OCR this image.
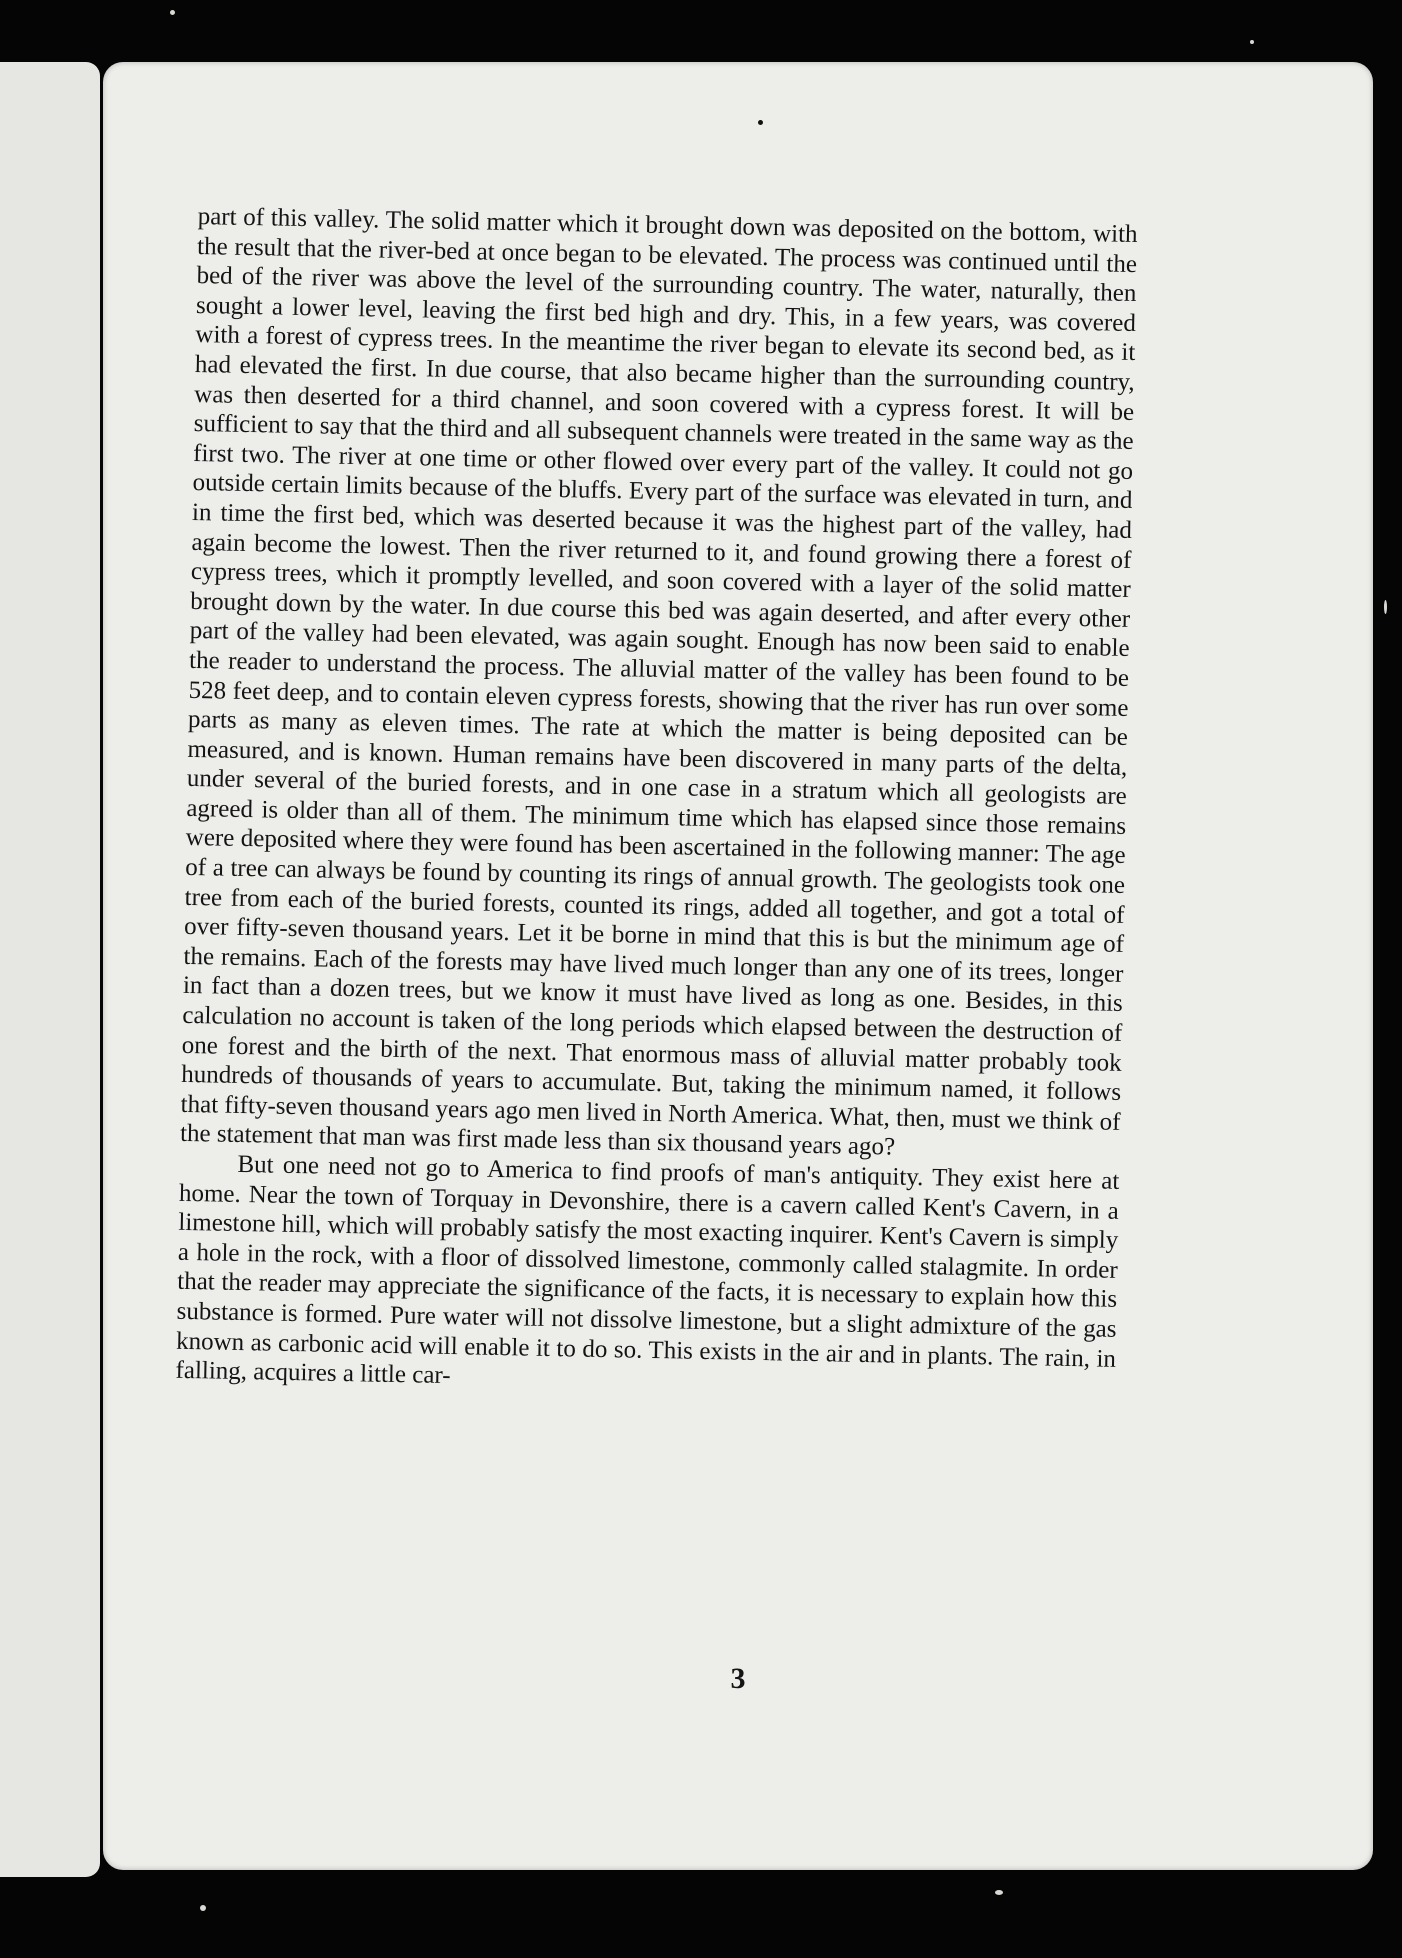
part of this valley. The solid matter which it brought down was deposited on the bottom, with the result that the river-bed at once began to be elevated. The process was continued until the bed of the river was above the level of the surrounding country. The water, naturally, then sought a lower level, leaving the first bed high and dry. This, in a few years, was covered with a forest of cypress trees. In the meantime the river began to elevate its second bed, as it had elevated the first. In due course, that also became higher than the surrounding country, was then deserted for a third channel, and soon covered with a cypress forest. It will be sufficient to say that the third and all subsequent channels were treated in the same way as the first two. The river at one time or other flowed over every part of the valley. It could not go outside certain limits because of the bluffs. Every part of the surface was elevated in turn, and in time the first bed, which was deserted because it was the highest part of the valley, had again become the lowest. Then the river returned to it, and found growing there a forest of cypress trees, which it promptly levelled, and soon covered with a layer of the solid matter brought down by the water. In due course this bed was again deserted, and after every other part of the valley had been elevated, was again sought. Enough has now been said to enable the reader to understand the process. The alluvial matter of the valley has been found to be 528 feet deep, and to contain eleven cypress forests, showing that the river has run over some parts as many as eleven times. The rate at which the matter is being deposited can be measured, and is known. Human remains have been discovered in many parts of the delta, under several of the buried forests, and in one case in a stratum which all geologists are agreed is older than all of them. The minimum time which has elapsed since those remains were deposited where they were found has been ascertained in the following manner: The age of a tree can always be found by counting its rings of annual growth. The geologists took one tree from each of the buried forests, counted its rings, added all together, and got a total of over fifty-seven thousand years. Let it be borne in mind that this is but the minimum age of the remains. Each of the forests may have lived much longer than any one of its trees, longer in fact than a dozen trees, but we know it must have lived as long as one. Besides, in this calculation no account is taken of the long periods which elapsed between the destruction of one forest and the birth of the next. That enormous mass of alluvial matter probably took hundreds of thousands of years to accumulate. But, taking the minimum named, it follows that fifty-seven thousand years ago men lived in North America. What, then, must we think of the statement that man was first made less than six thousand years ago?

But one need not go to America to find proofs of man's antiquity. They exist here at home. Near the town of Torquay in Devonshire, there is a cavern called Kent's Cavern, in a limestone hill, which will probably satisfy the most exacting inquirer. Kent's Cavern is simply a hole in the rock, with a floor of dissolved limestone, commonly called stalagmite. In order that the reader may appreciate the significance of the facts, it is necessary to explain how this substance is formed. Pure water will not dissolve limestone, but a slight admixture of the gas known as carbonic acid will enable it to do so. This exists in the air and in plants. The rain, in falling, acquires a little car-

3
